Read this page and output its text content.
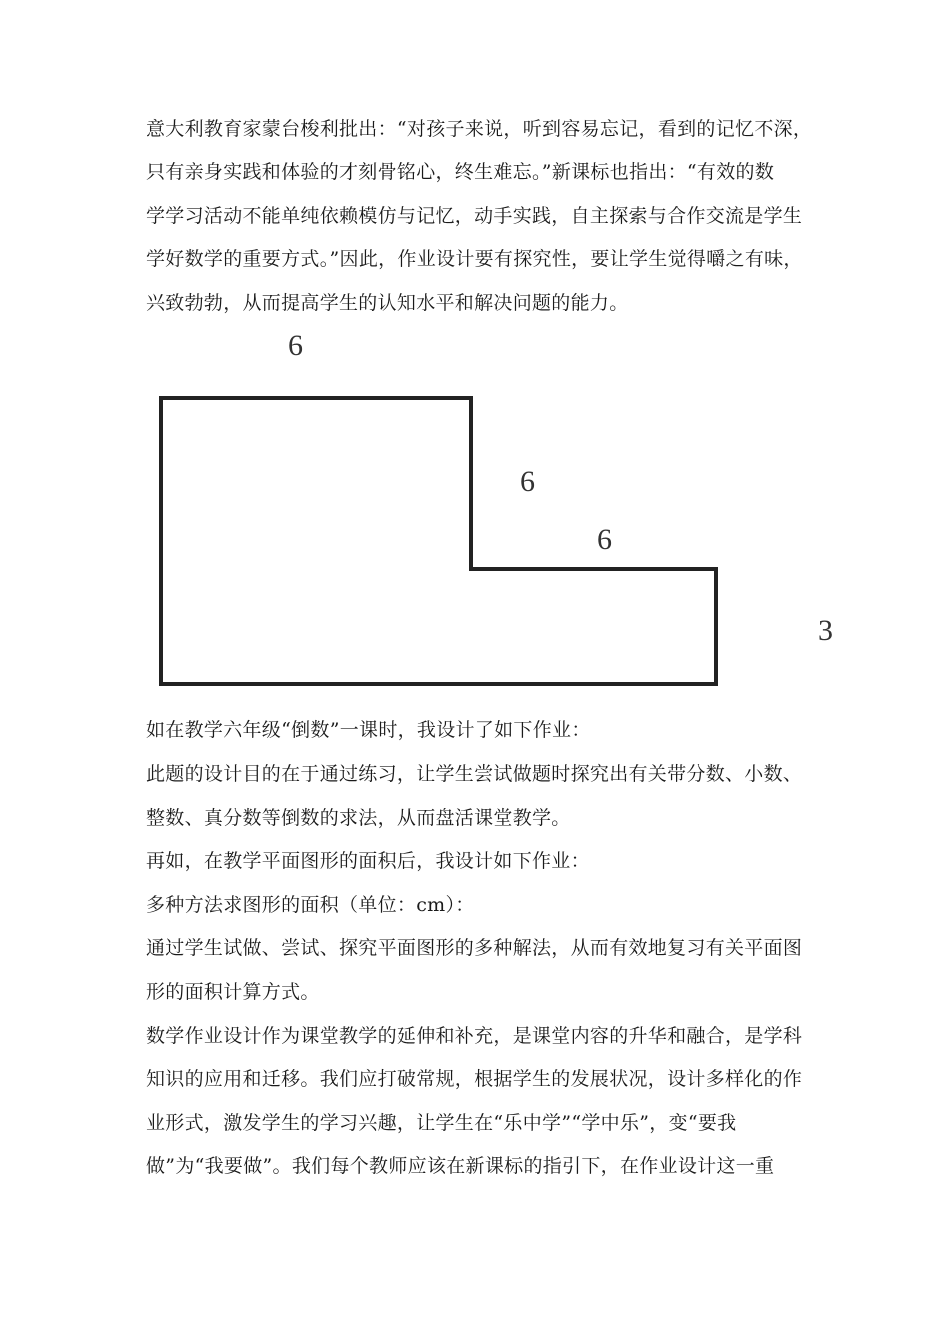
意大利教育家蒙台梭利批出：“对孩子来说，听到容易忘记，看到的记忆不深，
只有亲身实践和体验的才刻骨铭心，终生难忘。”新课标也指出：“有效的数
学学习活动不能单纯依赖模仿与记忆，动手实践，自主探索与合作交流是学生
学好数学的重要方式。”因此，作业设计要有探究性，要让学生觉得嚼之有味，
兴致勃勃，从而提高学生的认知水平和解决问题的能力。
6
6
6
3
如在教学六年级“倒数”一课时，我设计了如下作业：
此题的设计目的在于通过练习，让学生尝试做题时探究出有关带分数、小数、
整数、真分数等倒数的求法，从而盘活课堂教学。
再如，在教学平面图形的面积后，我设计如下作业：
多种方法求图形的面积（单位：cm）：
通过学生试做、尝试、探究平面图形的多种解法，从而有效地复习有关平面图
形的面积计算方式。
数学作业设计作为课堂教学的延伸和补充，是课堂内容的升华和融合，是学科
知识的应用和迁移。我们应打破常规，根据学生的发展状况，设计多样化的作
业形式，激发学生的学习兴趣，让学生在“乐中学”“学中乐”，变“要我
做”为“我要做”。我们每个教师应该在新课标的指引下，在作业设计这一重
